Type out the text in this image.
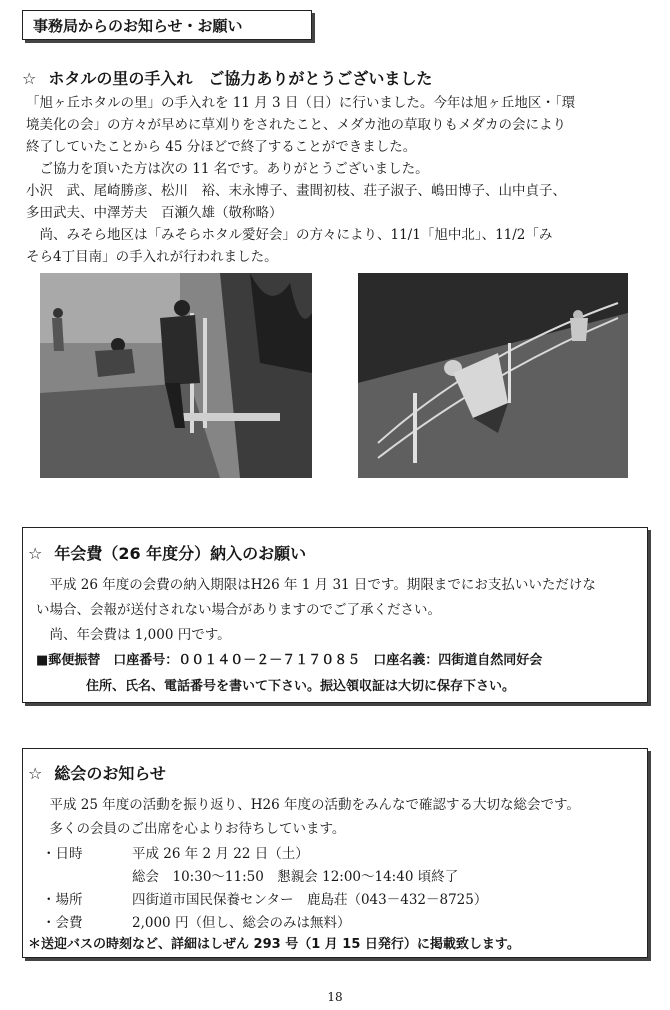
事務局からのお知らせ・お願い
☆ ホタルの里の手入れ　ご協力ありがとうございました
「旭ヶ丘ホタルの里」の手入れを 11 月 3 日（日）に行いました。今年は旭ヶ丘地区・「環
境美化の会」の方々が早めに草刈りをされたこと、メダカ池の草取りもメダカの会により
終了していたことから 45 分ほどで終了することができました。
　ご協力を頂いた方は次の 11 名です。ありがとうございました。
小沢　武、尾崎勝彦、松川　裕、末永博子、畫間初枝、荘子淑子、嶋田博子、山中貞子、
多田武夫、中澤芳夫　百瀬久雄（敬称略）
　尚、みそら地区は「みそらホタル愛好会」の方々により、11/1「旭中北」、11/2「み
そら4丁目南」の手入れが行われました。
☆ 年会費（26 年度分）納入のお願い
　平成 26 年度の会費の納入期限はH26 年 1 月 31 日です。期限までにお支払いいただけな
い場合、会報が送付されない場合がありますのでご了承ください。
　尚、年会費は 1,000 円です。
■郵便振替　口座番号：００１４０－２－７１７０８５　口座名義：四街道自然同好会
住所、氏名、電話番号を書いて下さい。振込領収証は大切に保存下さい。
☆ 総会のお知らせ
　平成 25 年度の活動を振り返り、H26 年度の活動をみんなで確認する大切な総会です。
　多くの会員のご出席を心よりお待ちしています。
・日時	平成 26 年 2 月 22 日（土）
総会　10:30～11:50　懇親会 12:00～14:40 頃終了
・場所	四街道市国民保養センター　鹿島荘（043－432－8725）
・会費	2,000 円（但し、総会のみは無料）
＊送迎バスの時刻など、詳細はしぜん 293 号（1 月 15 日発行）に掲載致します。
18
